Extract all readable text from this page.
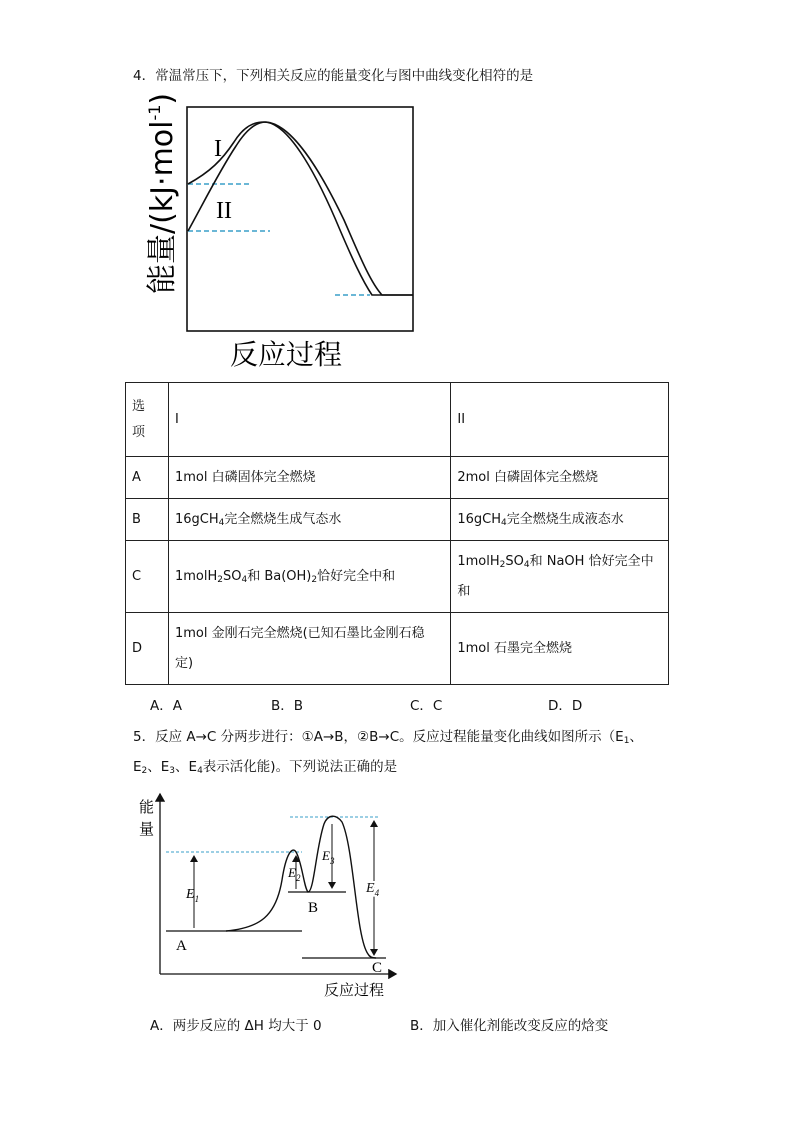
4．常温常压下，下列相关反应的能量变化与图中曲线变化相符的是
能量/(kJ·mol$^{-1}$)
I
II
反应过程
选项	I	II
A	1mol 白磷固体完全燃烧	2mol 白磷固体完全燃烧
B	16gCH$_4$完全燃烧生成气态水	16gCH$_4$完全燃烧生成液态水
C	$1molH_2SO_4$和 $Ba(OH)_2$恰好完全中和	$1molH_2SO_4$和 NaOH 恰好完全中
和
D	1mol 金刚石完全燃烧(已知石墨比金刚石稳
定)	1mol 石墨完全燃烧
A．A	B．B	C．C	D．D
5．反应 A→C 分两步进行：①A→B，②B→C。反应过程能量变化曲线如图所示（$E_1$、
$E_2$、$E_3$、$E_4$表示活化能)。下列说法正确的是
能
量
反应过程
$E_1$
$E_2$
$E_3$
$E_4$
A
B
C
A．两步反应的 ΔH 均大于 0	B．加入催化剂能改变反应的焓变
